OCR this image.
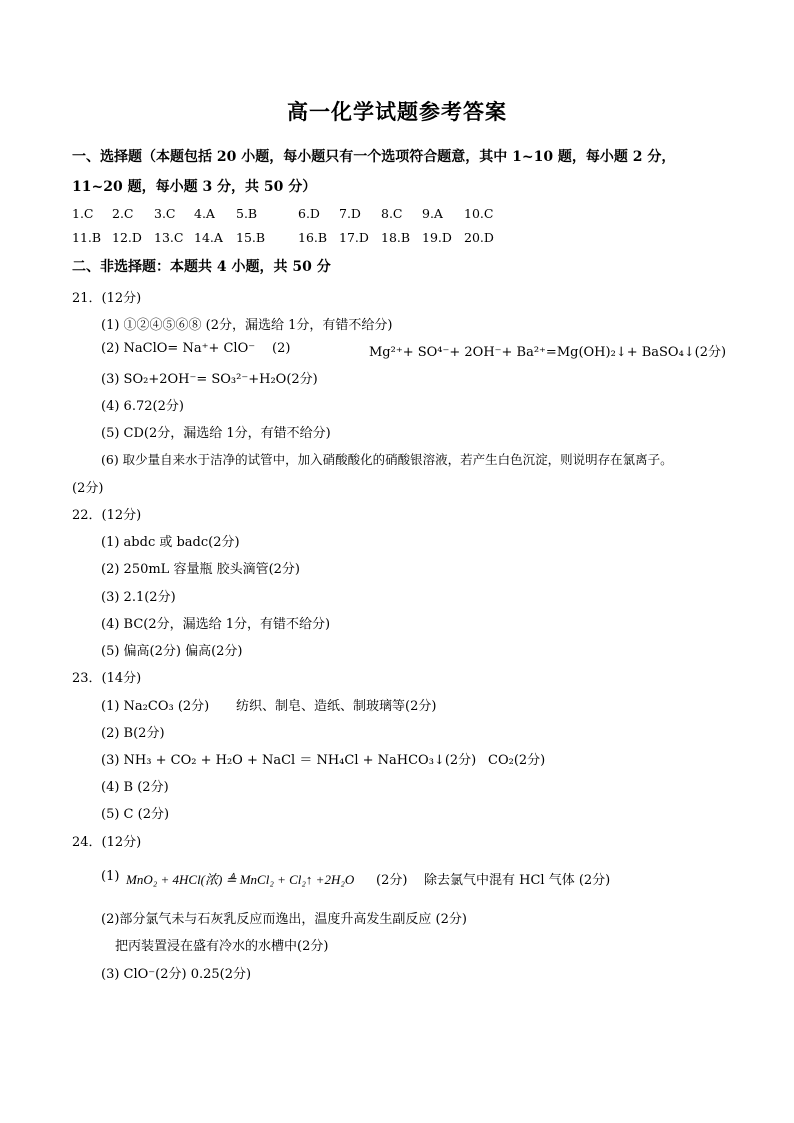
高一化学试题参考答案
一、选择题（本题包括 20 小题，每小题只有一个选项符合题意，其中 1~10 题，每小题 2 分，
11~20 题，每小题 3 分，共 50 分）
1.C 2.C 3.C 4.A 5.B	6.D 7.D 8.C 9.A 10.C
11.B 12.D 13.C 14.A 15.B	16.B 17.D 18.B 19.D 20.D
二、非选择题：本题共 4 小题，共 50 分
21．(12分)
(1) ①②④⑤⑥⑧ (2分，漏选给 1分，有错不给分)
(2) NaClO= Na⁺+ ClO⁻ (2)	Mg²⁺+ SO⁴⁻+ 2OH⁻+ Ba²⁺=Mg(OH)₂↓+ BaSO₄↓(2分)
(3) SO₂+2OH⁻= SO₃²⁻+H₂O(2分)
(4) 6.72(2分)
(5) CD(2分，漏选给 1分，有错不给分)
(6) 取少量自来水于洁净的试管中，加入硝酸酸化的硝酸银溶液，若产生白色沉淀，则说明存在氯离子。
(2分)
22．(12分)
(1) abdc 或 badc(2分)
(2) 250mL 容量瓶 胶头滴管(2分)
(3) 2.1(2分)
(4) BC(2分，漏选给 1分，有错不给分)
(5) 偏高(2分) 偏高(2分)
23．(14分)
(1) Na₂CO₃ (2分) 纺织、制皂、造纸、制玻璃等(2分)
(2) B(2分)
(3) NH₃ + CO₂ + H₂O + NaCl ＝ NH₄Cl + NaHCO₃↓(2分) CO₂(2分)
(4) B (2分)
(5) C (2分)
24．(12分)
(1) MnO₂ + 4HCl(浓) ≜ MnCl₂ + Cl₂↑ +2H₂O (2分) 除去氯气中混有 HCl 气体 (2分)
(2)部分氯气未与石灰乳反应而逸出，温度升高发生副反应 (2分)
把丙装置浸在盛有冷水的水槽中(2分)
(3) ClO⁻(2分) 0.25(2分)
